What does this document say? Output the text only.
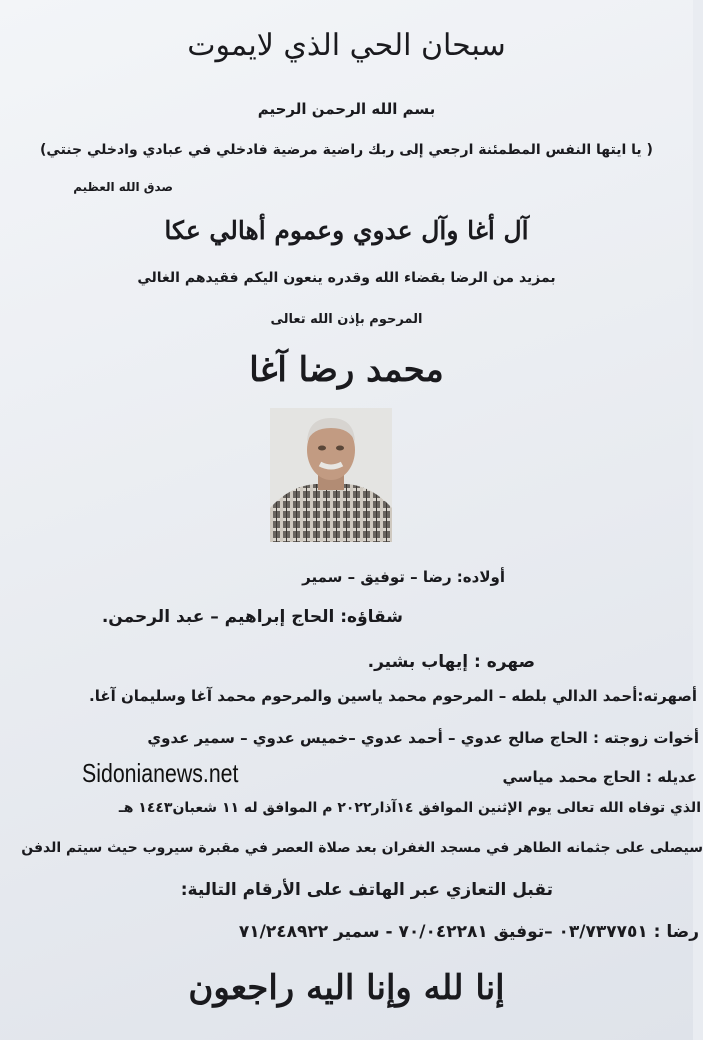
سبحان الحي الذي لايموت
بسم الله الرحمن الرحيم
( يا ايتها النفس المطمئنة ارجعي إلى ربك راضية مرضية فادخلي في عبادي وادخلي جنتي)
صدق الله العظيم
آل أغا وآل عدوي وعموم أهالي عكا
بمزيد من الرضا بقضاء الله وقدره ينعون اليكم فقيدهم الغالي
المرحوم بإذن الله تعالى
محمد رضا آغا
أولاده: رضا – توفيق – سمير
شقاؤه: الحاج إبراهيم – عبد الرحمن.
صهره : إيهاب بشير.
أصهرته:أحمد الدالي بلطه – المرحوم محمد ياسين والمرحوم محمد آغا وسليمان آغا.
أخوات زوجته : الحاج صالح عدوي – أحمد عدوي –خميس عدوي – سمير عدوي
عديله : الحاج محمد مياسي
الذي توفاه الله تعالى يوم الإثنين الموافق ١٤آذار٢٠٢٢ م الموافق له ١١ شعبان١٤٤٣ هـ
سيصلى على جثمانه الطاهر في مسجد الغفران بعد صلاة العصر في مقبرة سيروب حيث سيتم الدفن
تقبل التعازي عبر الهاتف على الأرقام التالية:
رضا : ٠٣/٧٣٧٧٥١ –توفيق ٧٠/٠٤٢٢٨١ - سمير ٧١/٢٤٨٩٢٢
إنا لله وإنا اليه راجعون
Sidonianews.net
